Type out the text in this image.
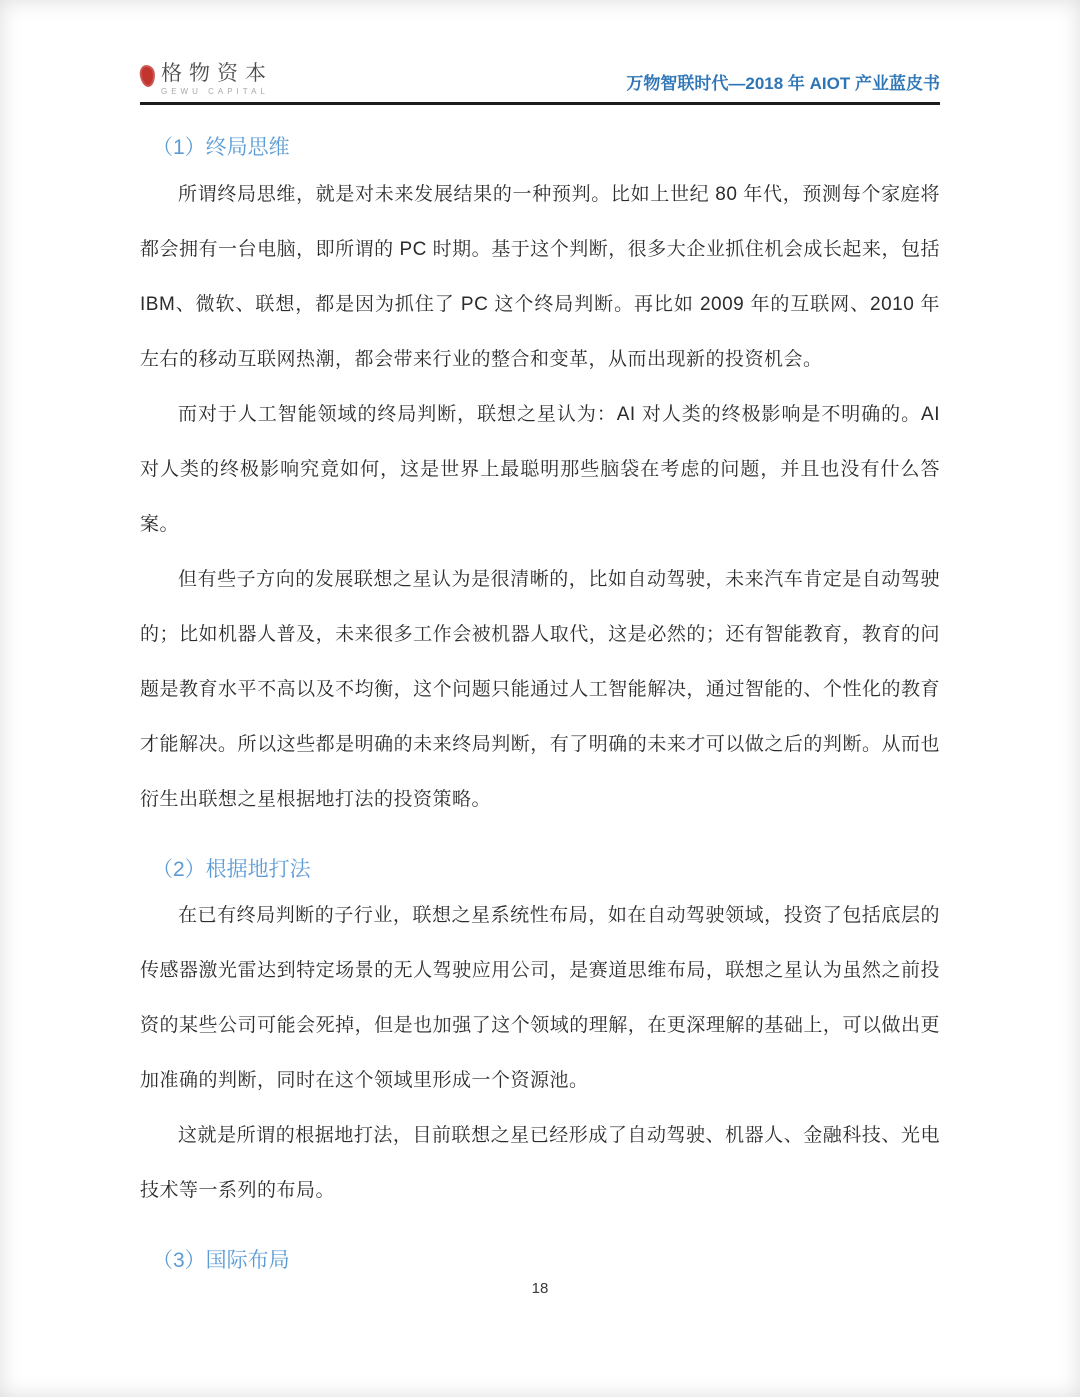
格物资本
GEWU CAPITAL	万物智联时代—2018 年 AIOT 产业蓝皮书
（1）终局思维

所谓终局思维，就是对未来发展结果的一种预判。比如上世纪 80 年代，预测每个家庭将都会拥有一台电脑，即所谓的 PC 时期。基于这个判断，很多大企业抓住机会成长起来，包括 IBM、微软、联想，都是因为抓住了 PC 这个终局判断。再比如 2009 年的互联网、2010 年左右的移动互联网热潮，都会带来行业的整合和变革，从而出现新的投资机会。

而对于人工智能领域的终局判断，联想之星认为：AI 对人类的终极影响是不明确的。AI 对人类的终极影响究竟如何，这是世界上最聪明那些脑袋在考虑的问题，并且也没有什么答案。

但有些子方向的发展联想之星认为是很清晰的，比如自动驾驶，未来汽车肯定是自动驾驶的；比如机器人普及，未来很多工作会被机器人取代，这是必然的；还有智能教育，教育的问题是教育水平不高以及不均衡，这个问题只能通过人工智能解决，通过智能的、个性化的教育才能解决。所以这些都是明确的未来终局判断，有了明确的未来才可以做之后的判断。从而也衍生出联想之星根据地打法的投资策略。

（2）根据地打法

在已有终局判断的子行业，联想之星系统性布局，如在自动驾驶领域，投资了包括底层的传感器激光雷达到特定场景的无人驾驶应用公司，是赛道思维布局，联想之星认为虽然之前投资的某些公司可能会死掉，但是也加强了这个领域的理解，在更深理解的基础上，可以做出更加准确的判断，同时在这个领域里形成一个资源池。

这就是所谓的根据地打法，目前联想之星已经形成了自动驾驶、机器人、金融科技、光电技术等一系列的布局。

（3）国际布局
18
